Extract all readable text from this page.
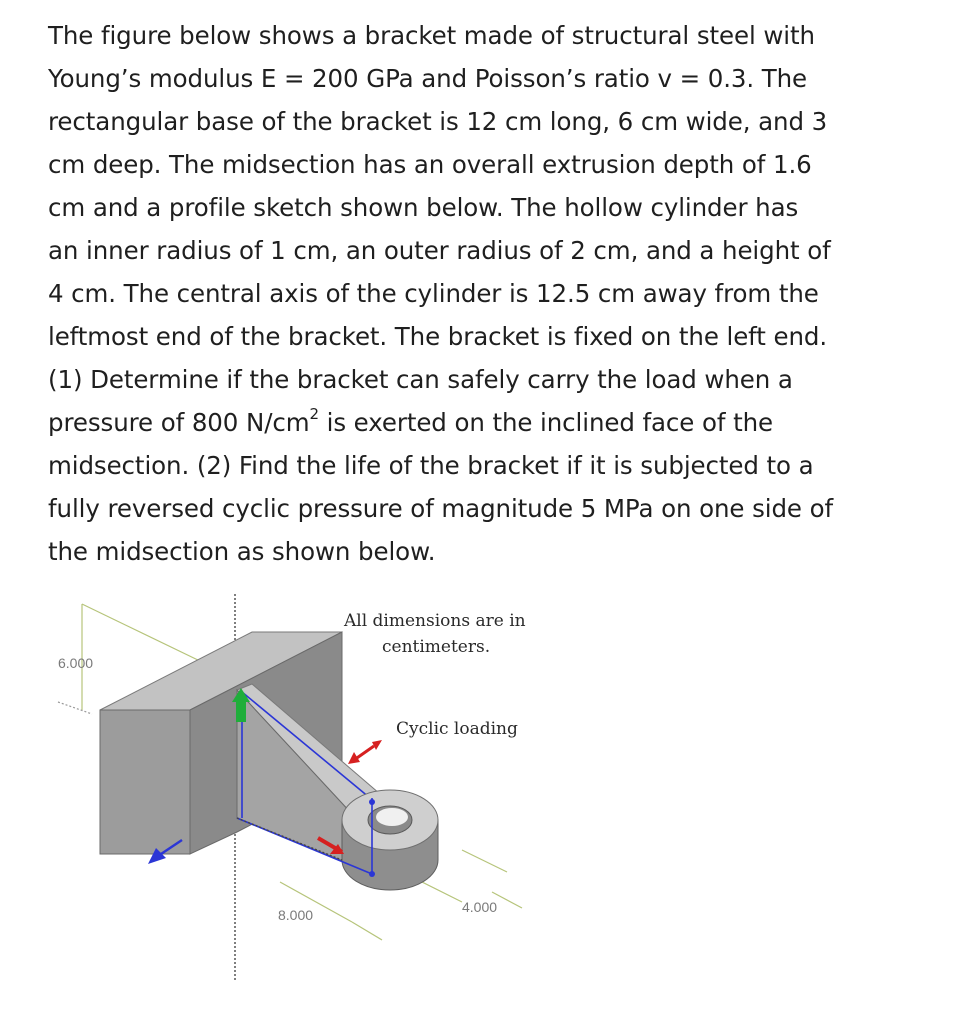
The figure below shows a bracket made of structural steel with
Young’s modulus E = 200 GPa and Poisson’s ratio v = 0.3. The
rectangular base of the bracket is 12 cm long, 6 cm wide, and 3
cm deep. The midsection has an overall extrusion depth of 1.6
cm and a profile sketch shown below. The hollow cylinder has
an inner radius of 1 cm, an outer radius of 2 cm, and a height of
4 cm. The central axis of the cylinder is 12.5 cm away from the
leftmost end of the bracket. The bracket is fixed on the left end.
(1) Determine if the bracket can safely carry the load when a
pressure of 800 $N/cm^2$ is exerted on the inclined face of the
midsection. (2) Find the life of the bracket if it is subjected to a
fully reversed cyclic pressure of magnitude 5 MPa on one side of
the midsection as shown below.
All dimensions are in
centimeters.
Cyclic loading
6.000
8.000	4.000
